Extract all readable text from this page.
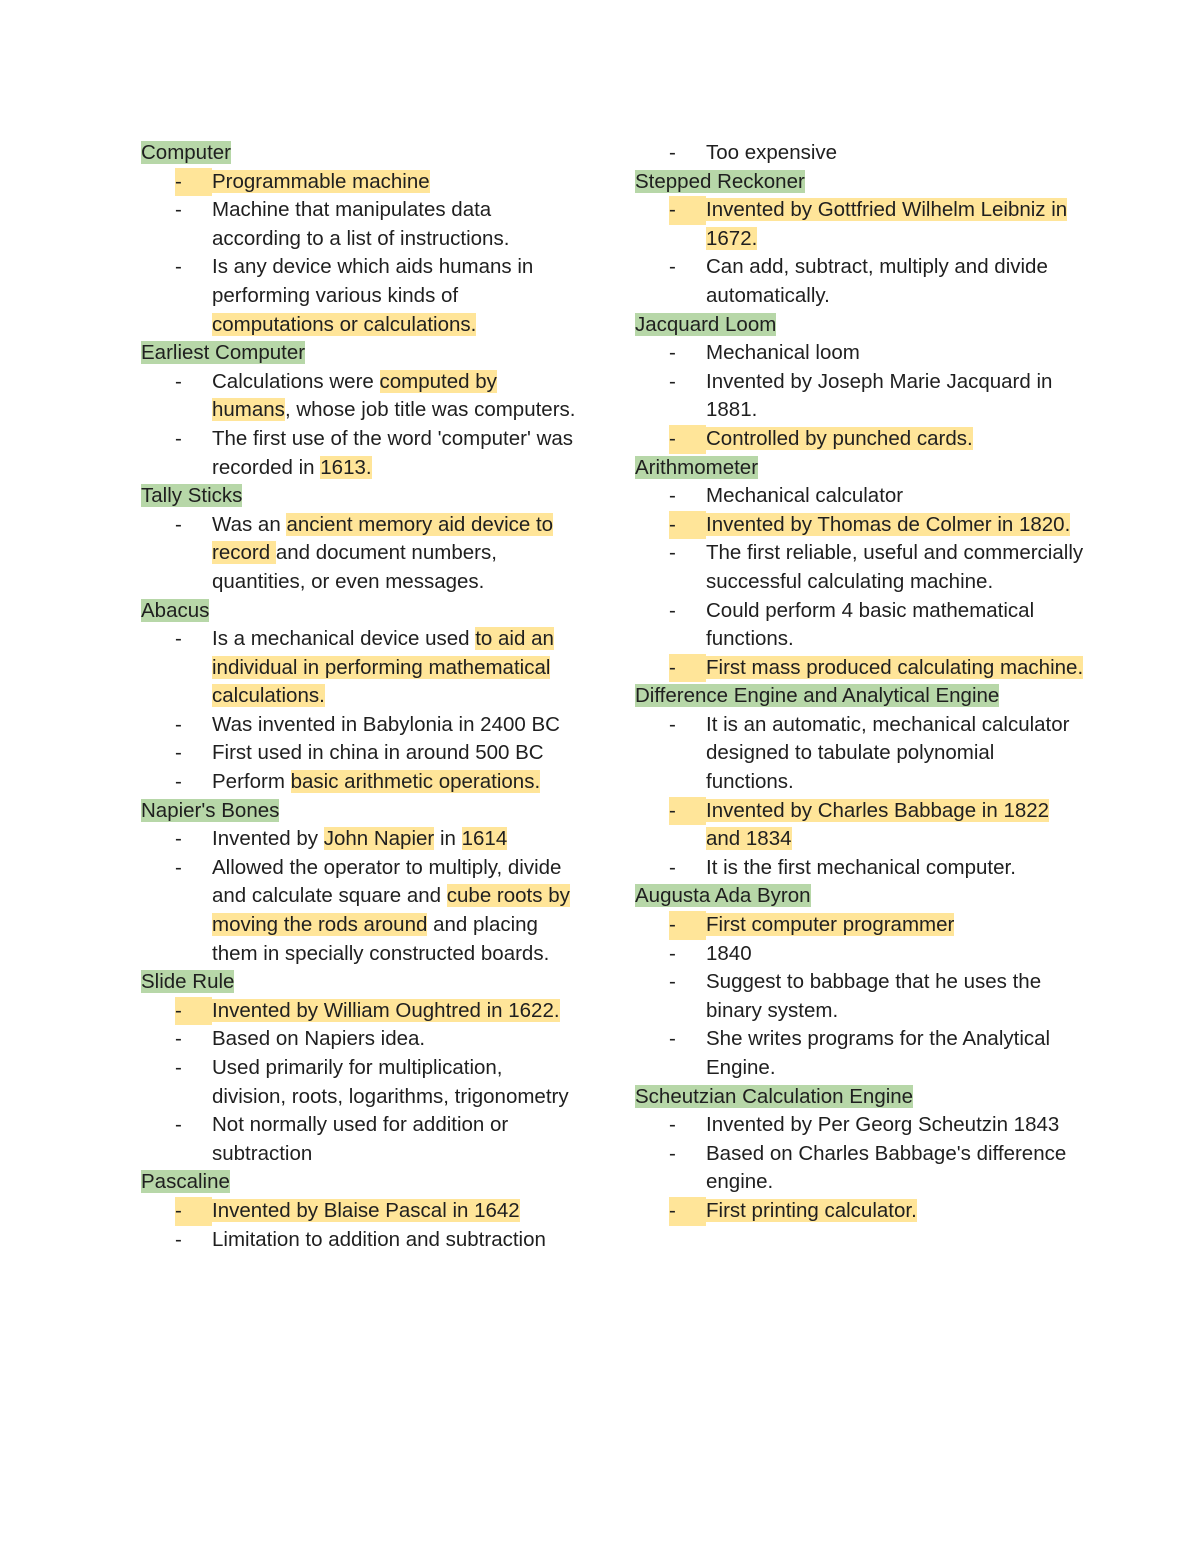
Computer
-	Programmable machine
-	Machine that manipulates data according to a list of instructions.
-	Is any device which aids humans in performing various kinds of computations or calculations.
Earliest Computer
-	Calculations were computed by humans, whose job title was computers.
-	The first use of the word 'computer' was recorded in 1613.
Tally Sticks
-	Was an ancient memory aid device to record and document numbers, quantities, or even messages.
Abacus
-	Is a mechanical device used to aid an individual in performing mathematical calculations.
-	Was invented in Babylonia in 2400 BC
-	First used in china in around 500 BC
-	Perform basic arithmetic operations.
Napier's Bones
-	Invented by John Napier in 1614
-	Allowed the operator to multiply, divide and calculate square and cube roots by moving the rods around and placing them in specially constructed boards.
Slide Rule
-	Invented by William Oughtred in 1622.
-	Based on Napiers idea.
-	Used primarily for multiplication, division, roots, logarithms, trigonometry
-	Not normally used for addition or subtraction
Pascaline
-	Invented by Blaise Pascal in 1642
-	Limitation to addition and subtraction
-	Too expensive
Stepped Reckoner
-	Invented by Gottfried Wilhelm Leibniz in 1672.
-	Can add, subtract, multiply and divide automatically.
Jacquard Loom
-	Mechanical loom
-	Invented by Joseph Marie Jacquard in 1881.
-	Controlled by punched cards.
Arithmometer
-	Mechanical calculator
-	Invented by Thomas de Colmer in 1820.
-	The first reliable, useful and commercially successful calculating machine.
-	Could perform 4 basic mathematical functions.
-	First mass produced calculating machine.
Difference Engine and Analytical Engine
-	It is an automatic, mechanical calculator designed to tabulate polynomial functions.
-	Invented by Charles Babbage in 1822 and 1834
-	It is the first mechanical computer.
Augusta Ada Byron
-	First computer programmer
-	1840
-	Suggest to babbage that he uses the binary system.
-	She writes programs for the Analytical Engine.
Scheutzian Calculation Engine
-	Invented by Per Georg Scheutzin 1843
-	Based on Charles Babbage's difference engine.
-	First printing calculator.
